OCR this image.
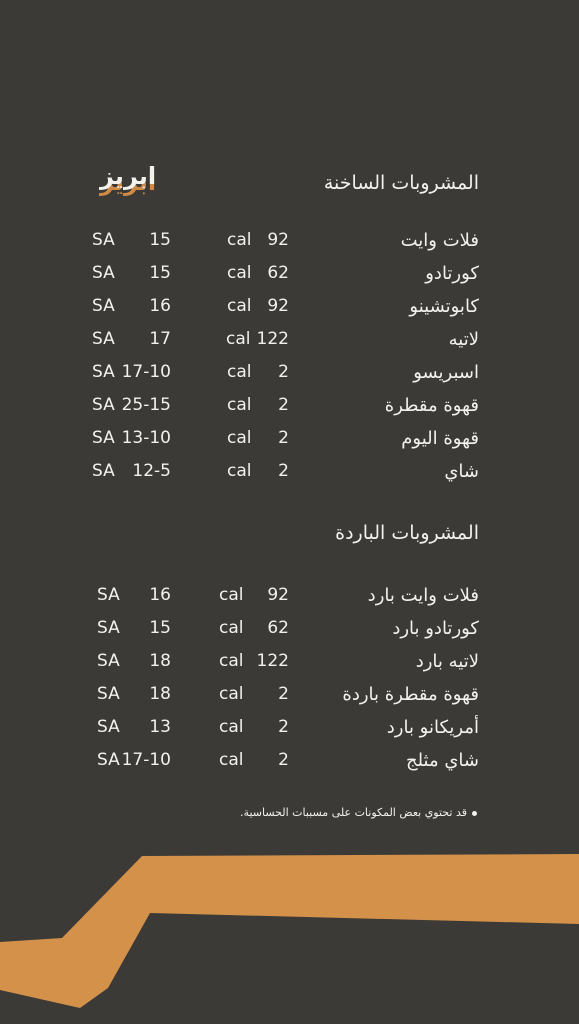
المشروبات الساخنة
ابريز
فلات وايت
92
cal
15
SA
كورتادو
62
cal
15
SA
كابوتشينو
92
cal
16
SA
لاتيه
122
cal
17
SA
اسبريسو
2
cal
17-10
SA
قهوة مقطرة
2
cal
25-15
SA
قهوة اليوم
2
cal
13-10
SA
شاي
2
cal
12-5
SA
المشروبات الباردة
فلات وايت بارد
92
cal
16
SA
كورتادو بارد
62
cal
15
SA
لاتيه بارد
122
cal
18
SA
قهوة مقطرة باردة
2
cal
18
SA
أمريكانو بارد
2
cal
13
SA
شاي مثلج
2
cal
17-10
SA
قد تحتوي بعض المكونات على مسببات الحساسية.
